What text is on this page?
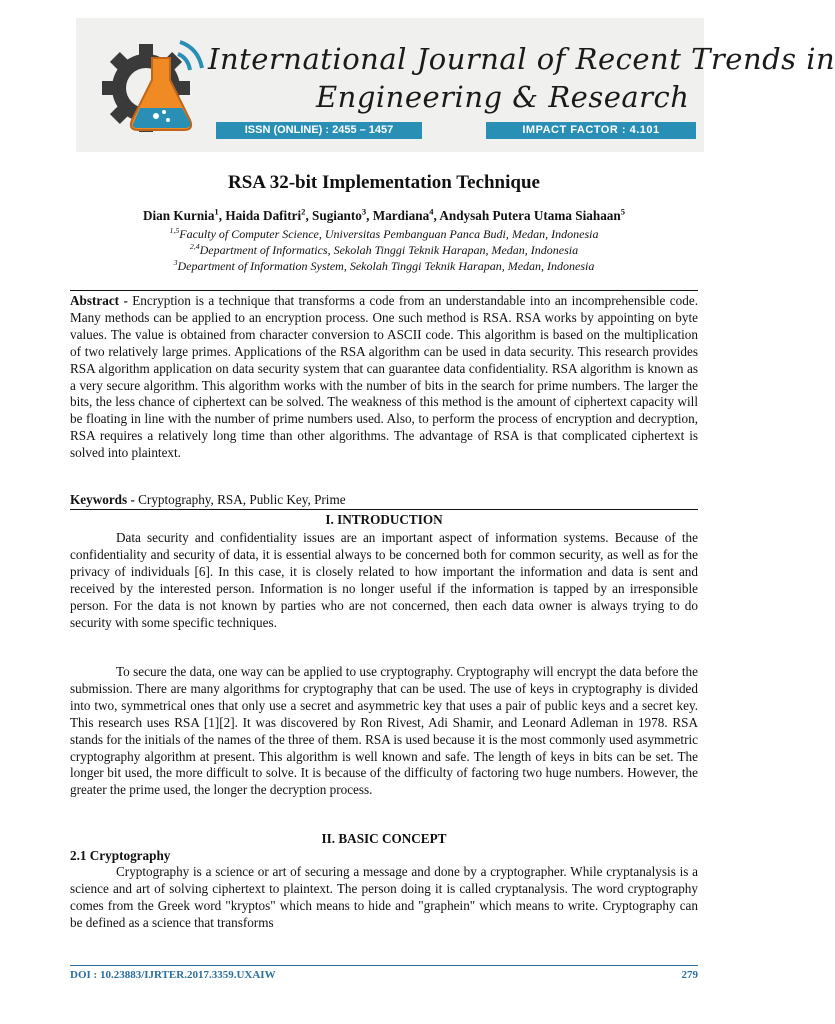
International Journal of Recent Trends in
Engineering & Research
ISSN (ONLINE) : 2455 – 1457	IMPACT FACTOR : 4.101
RSA 32-bit Implementation Technique
Dian Kurnia$^1$, Haida Dafitri$^2$, Sugianto$^3$, Mardiana$^4$, Andysah Putera Utama Siahaan$^5$
$^{1,5}$Faculty of Computer Science, Universitas Pembanguan Panca Budi, Medan, Indonesia
$^{2,4}$Department of Informatics, Sekolah Tinggi Teknik Harapan, Medan, Indonesia
$^3$Department of Information System, Sekolah Tinggi Teknik Harapan, Medan, Indonesia
Abstract - Encryption is a technique that transforms a code from an understandable into an incomprehensible code. Many methods can be applied to an encryption process. One such method is RSA. RSA works by appointing on byte values. The value is obtained from character conversion to ASCII code. This algorithm is based on the multiplication of two relatively large primes. Applications of the RSA algorithm can be used in data security. This research provides RSA algorithm application on data security system that can guarantee data confidentiality. RSA algorithm is known as a very secure algorithm. This algorithm works with the number of bits in the search for prime numbers. The larger the bits, the less chance of ciphertext can be solved. The weakness of this method is the amount of ciphertext capacity will be floating in line with the number of prime numbers used. Also, to perform the process of encryption and decryption, RSA requires a relatively long time than other algorithms. The advantage of RSA is that complicated ciphertext is solved into plaintext.
Keywords - Cryptography, RSA, Public Key, Prime
I. INTRODUCTION
Data security and confidentiality issues are an important aspect of information systems. Because of the confidentiality and security of data, it is essential always to be concerned both for common security, as well as for the privacy of individuals [6]. In this case, it is closely related to how important the information and data is sent and received by the interested person. Information is no longer useful if the information is tapped by an irresponsible person. For the data is not known by parties who are not concerned, then each data owner is always trying to do security with some specific techniques.
To secure the data, one way can be applied to use cryptography. Cryptography will encrypt the data before the submission. There are many algorithms for cryptography that can be used. The use of keys in cryptography is divided into two, symmetrical ones that only use a secret and asymmetric key that uses a pair of public keys and a secret key. This research uses RSA [1][2]. It was discovered by Ron Rivest, Adi Shamir, and Leonard Adleman in 1978. RSA stands for the initials of the names of the three of them. RSA is used because it is the most commonly used asymmetric cryptography algorithm at present. This algorithm is well known and safe. The length of keys in bits can be set. The longer bit used, the more difficult to solve. It is because of the difficulty of factoring two huge numbers. However, the greater the prime used, the longer the decryption process.
II. BASIC CONCEPT
2.1 Cryptography
Cryptography is a science or art of securing a message and done by a cryptographer. While cryptanalysis is a science and art of solving ciphertext to plaintext. The person doing it is called cryptanalysis. The word cryptography comes from the Greek word "kryptos" which means to hide and "graphein" which means to write. Cryptography can be defined as a science that transforms
DOI : 10.23883/IJRTER.2017.3359.UXAIW	279
